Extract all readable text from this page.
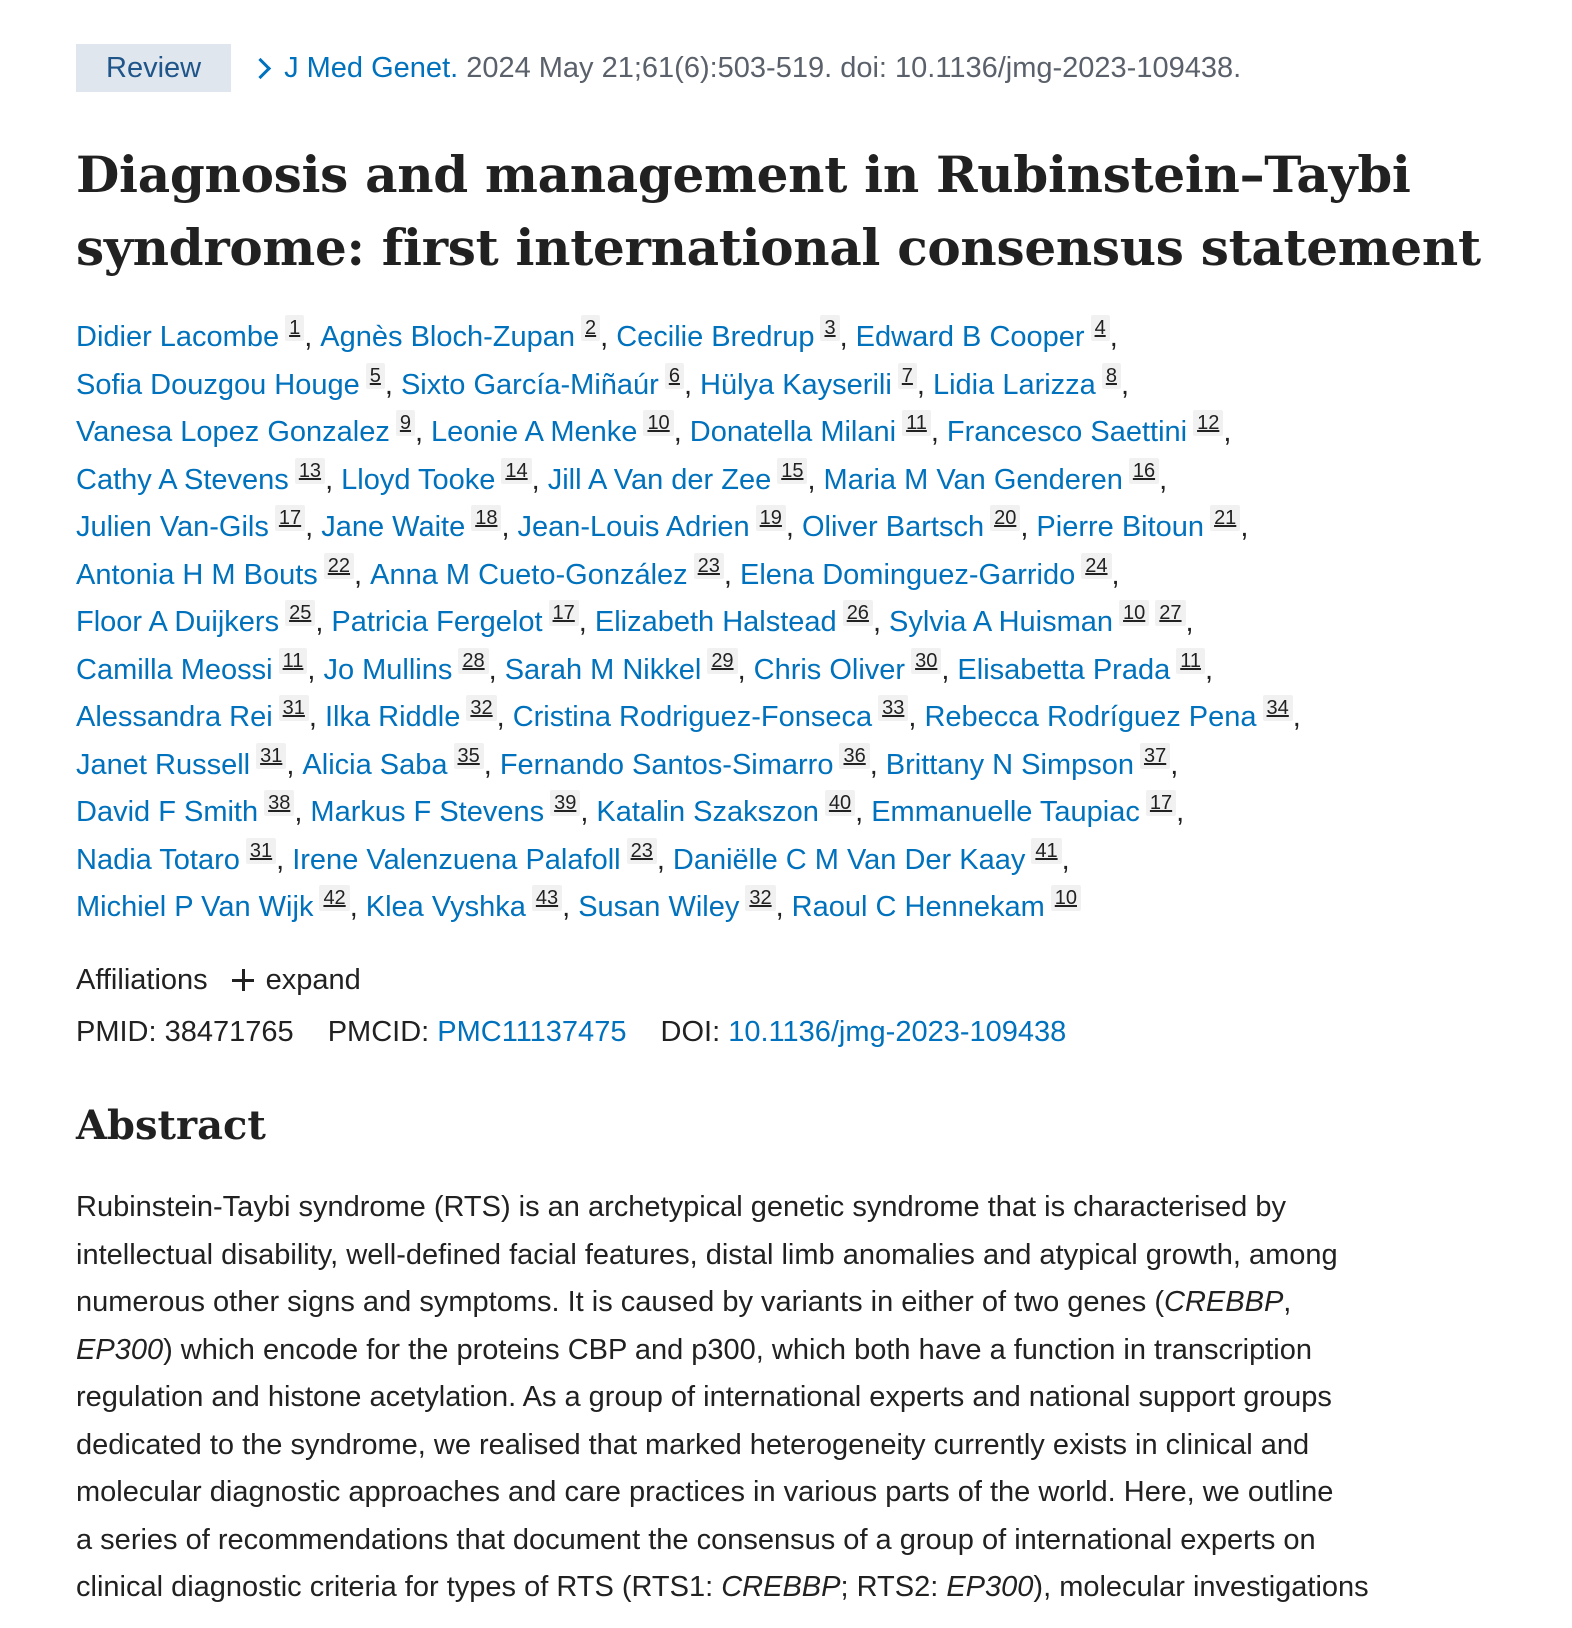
Review	J Med Genet. 2024 May 21;61(6):503-519. doi: 10.1136/jmg-2023-109438.
Diagnosis and management in Rubinstein–Taybi
syndrome: first international consensus statement
Didier Lacombe 1 , Agnès Bloch-Zupan 2 , Cecilie Bredrup 3 , Edward B Cooper 4 ,
Sofia Douzgou Houge 5 , Sixto García-Miñaúr 6 , Hülya Kayserili 7 , Lidia Larizza 8 ,
Vanesa Lopez Gonzalez 9 , Leonie A Menke 10 , Donatella Milani 11 , Francesco Saettini 12 ,
Cathy A Stevens 13 , Lloyd Tooke 14 , Jill A Van der Zee 15 , Maria M Van Genderen 16 ,
Julien Van-Gils 17 , Jane Waite 18 , Jean-Louis Adrien 19 , Oliver Bartsch 20 , Pierre Bitoun 21 ,
Antonia H M Bouts 22 , Anna M Cueto-González 23 , Elena Dominguez-Garrido 24 ,
Floor A Duijkers 25 , Patricia Fergelot 17 , Elizabeth Halstead 26 , Sylvia A Huisman 10 27 ,
Camilla Meossi 11 , Jo Mullins 28 , Sarah M Nikkel 29 , Chris Oliver 30 , Elisabetta Prada 11 ,
Alessandra Rei 31 , Ilka Riddle 32 , Cristina Rodriguez-Fonseca 33 , Rebecca Rodríguez Pena 34 ,
Janet Russell 31 , Alicia Saba 35 , Fernando Santos-Simarro 36 , Brittany N Simpson 37 ,
David F Smith 38 , Markus F Stevens 39 , Katalin Szakszon 40 , Emmanuelle Taupiac 17 ,
Nadia Totaro 31 , Irene Valenzuena Palafoll 23 , Daniëlle C M Van Der Kaay 41 ,
Michiel P Van Wijk 42 , Klea Vyshka 43 , Susan Wiley 32 , Raoul C Hennekam 10
Affiliations expand
PMID: 38471765 PMCID: PMC11137475 DOI: 10.1136/jmg-2023-109438
Abstract
Rubinstein-Taybi syndrome (RTS) is an archetypical genetic syndrome that is characterised by
intellectual disability, well-defined facial features, distal limb anomalies and atypical growth, among
numerous other signs and symptoms. It is caused by variants in either of two genes (CREBBP,
EP300) which encode for the proteins CBP and p300, which both have a function in transcription
regulation and histone acetylation. As a group of international experts and national support groups
dedicated to the syndrome, we realised that marked heterogeneity currently exists in clinical and
molecular diagnostic approaches and care practices in various parts of the world. Here, we outline
a series of recommendations that document the consensus of a group of international experts on
clinical diagnostic criteria for types of RTS (RTS1: CREBBP; RTS2: EP300), molecular investigations
